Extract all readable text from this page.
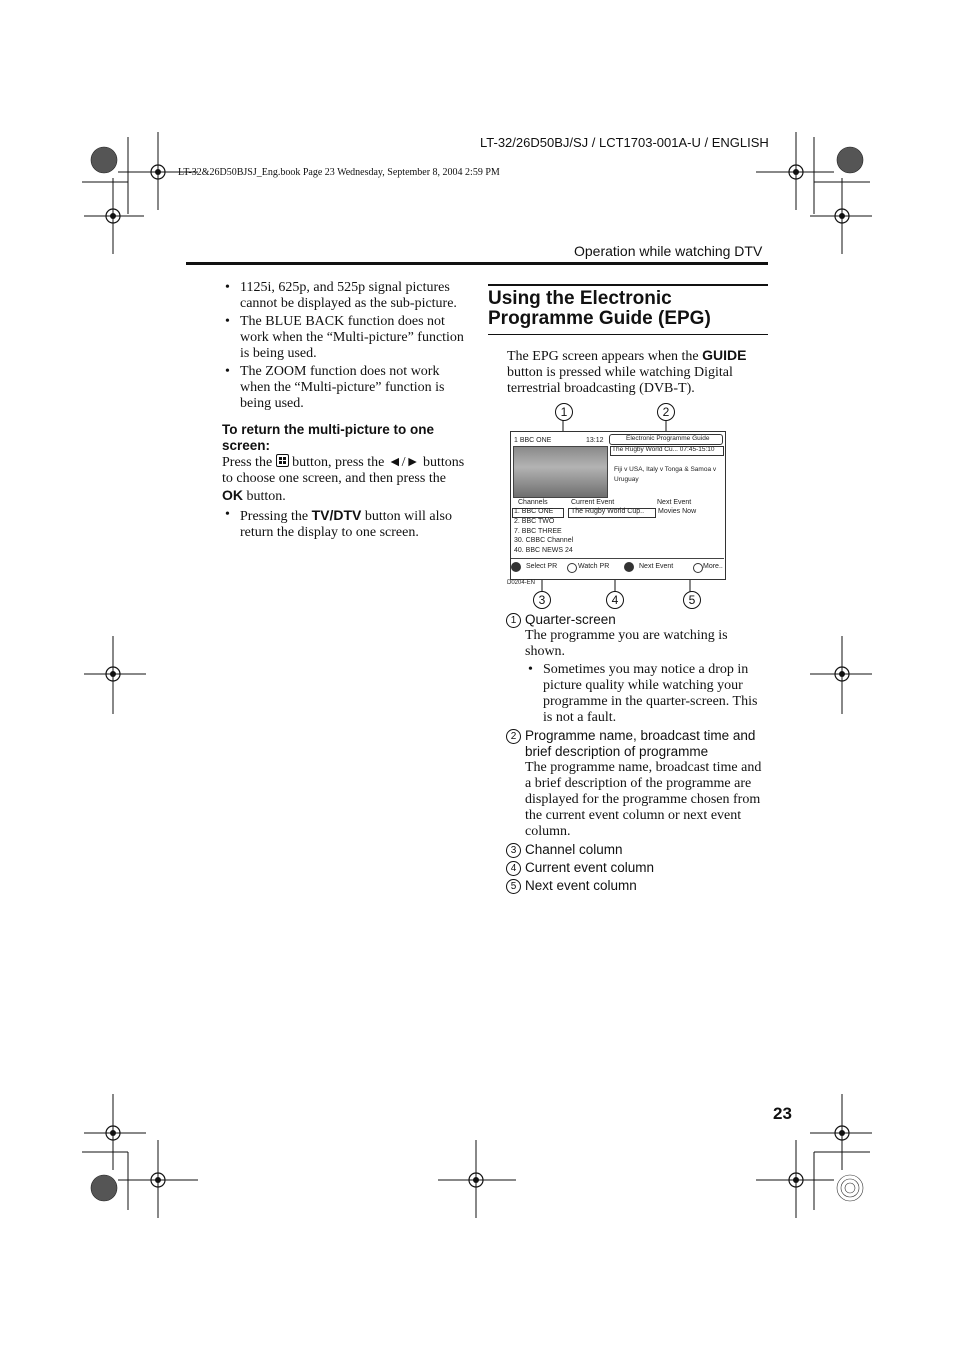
LT-32/26D50BJ/SJ / LCT1703-001A-U / ENGLISH
LT-32&26D50BJSJ_Eng.book Page 23 Wednesday, September 8, 2004 2:59 PM
Operation while watching DTV
• 1125i, 625p, and 525p signal pictures cannot be displayed as the sub-picture.
• The BLUE BACK function does not work when the “Multi-picture” function is being used.
• The ZOOM function does not work when the “Multi-picture” function is being used.
To return the multi-picture to one screen:
Press the button, press the ◄/► buttons to choose one screen, and then press the OK button.
• Pressing the TV/DTV button will also return the display to one screen.
Using the Electronic Programme Guide (EPG)
The EPG screen appears when the GUIDE button is pressed while watching Digital terrestrial broadcasting (DVB-T).
1	2
1 BBC ONE	13:12	Electronic Programme Guide
The Rugby World Cu... 07:45-15:10
Fiji v USA, Italy v Tonga & Samoa v
Uruguay
Channels	Current Event	Next Event
1. BBC ONE	The Rugby World Cup.. Movies Now
2. BBC TWO
7. BBC THREE
30. CBBC Channel
40. BBC NEWS 24
Select PR	Watch PR	Next Event	More..
D0204-EN
3	4	5
1 Quarter-screen
The programme you are watching is shown.
• Sometimes you may notice a drop in picture quality while watching your programme in the quarter-screen. This is not a fault.
2 Programme name, broadcast time and brief description of programme
The programme name, broadcast time and a brief description of the programme are displayed for the programme chosen from the current event column or next event column.
3 Channel column
4 Current event column
5 Next event column
23
